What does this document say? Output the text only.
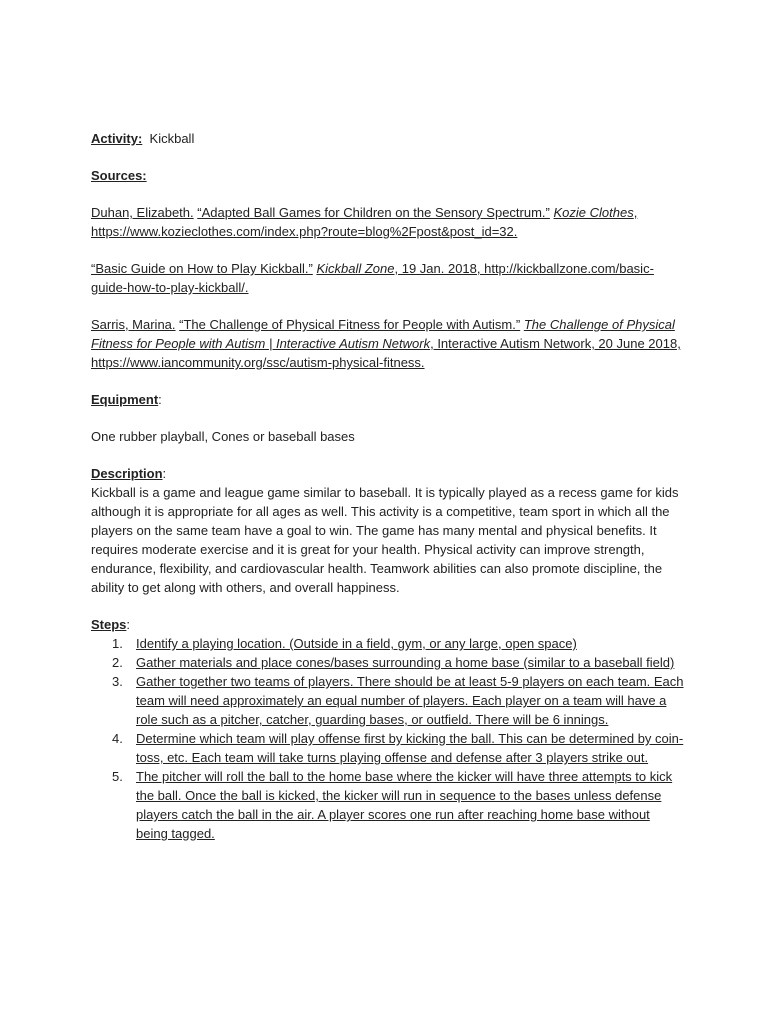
Activity: Kickball

Sources:

Duhan, Elizabeth. “Adapted Ball Games for Children on the Sensory Spectrum.” Kozie Clothes, https://www.kozieclothes.com/index.php?route=blog%2Fpost&post_id=32.

“Basic Guide on How to Play Kickball.” Kickball Zone, 19 Jan. 2018, http://kickballzone.com/basic-guide-how-to-play-kickball/.

Sarris, Marina. “The Challenge of Physical Fitness for People with Autism.” The Challenge of Physical Fitness for People with Autism | Interactive Autism Network, Interactive Autism Network, 20 June 2018, https://www.iancommunity.org/ssc/autism-physical-fitness.

Equipment:

One rubber playball, Cones or baseball bases

Description:

Kickball is a game and league game similar to baseball. It is typically played as a recess game for kids although it is appropriate for all ages as well. This activity is a competitive, team sport in which all the players on the same team have a goal to win. The game has many mental and physical benefits. It requires moderate exercise and it is great for your health. Physical activity can improve strength, endurance, flexibility, and cardiovascular health. Teamwork abilities can also promote discipline, the ability to get along with others, and overall happiness.

Steps:

1. Identify a playing location. (Outside in a field, gym, or any large, open space)
2. Gather materials and place cones/bases surrounding a home base (similar to a baseball field)
3. Gather together two teams of players. There should be at least 5-9 players on each team. Each team will need approximately an equal number of players. Each player on a team will have a role such as a pitcher, catcher, guarding bases, or outfield. There will be 6 innings.
4. Determine which team will play offense first by kicking the ball. This can be determined by coin-toss, etc. Each team will take turns playing offense and defense after 3 players strike out.
5. The pitcher will roll the ball to the home base where the kicker will have three attempts to kick the ball. Once the ball is kicked, the kicker will run in sequence to the bases unless defense players catch the ball in the air. A player scores one run after reaching home base without being tagged.
